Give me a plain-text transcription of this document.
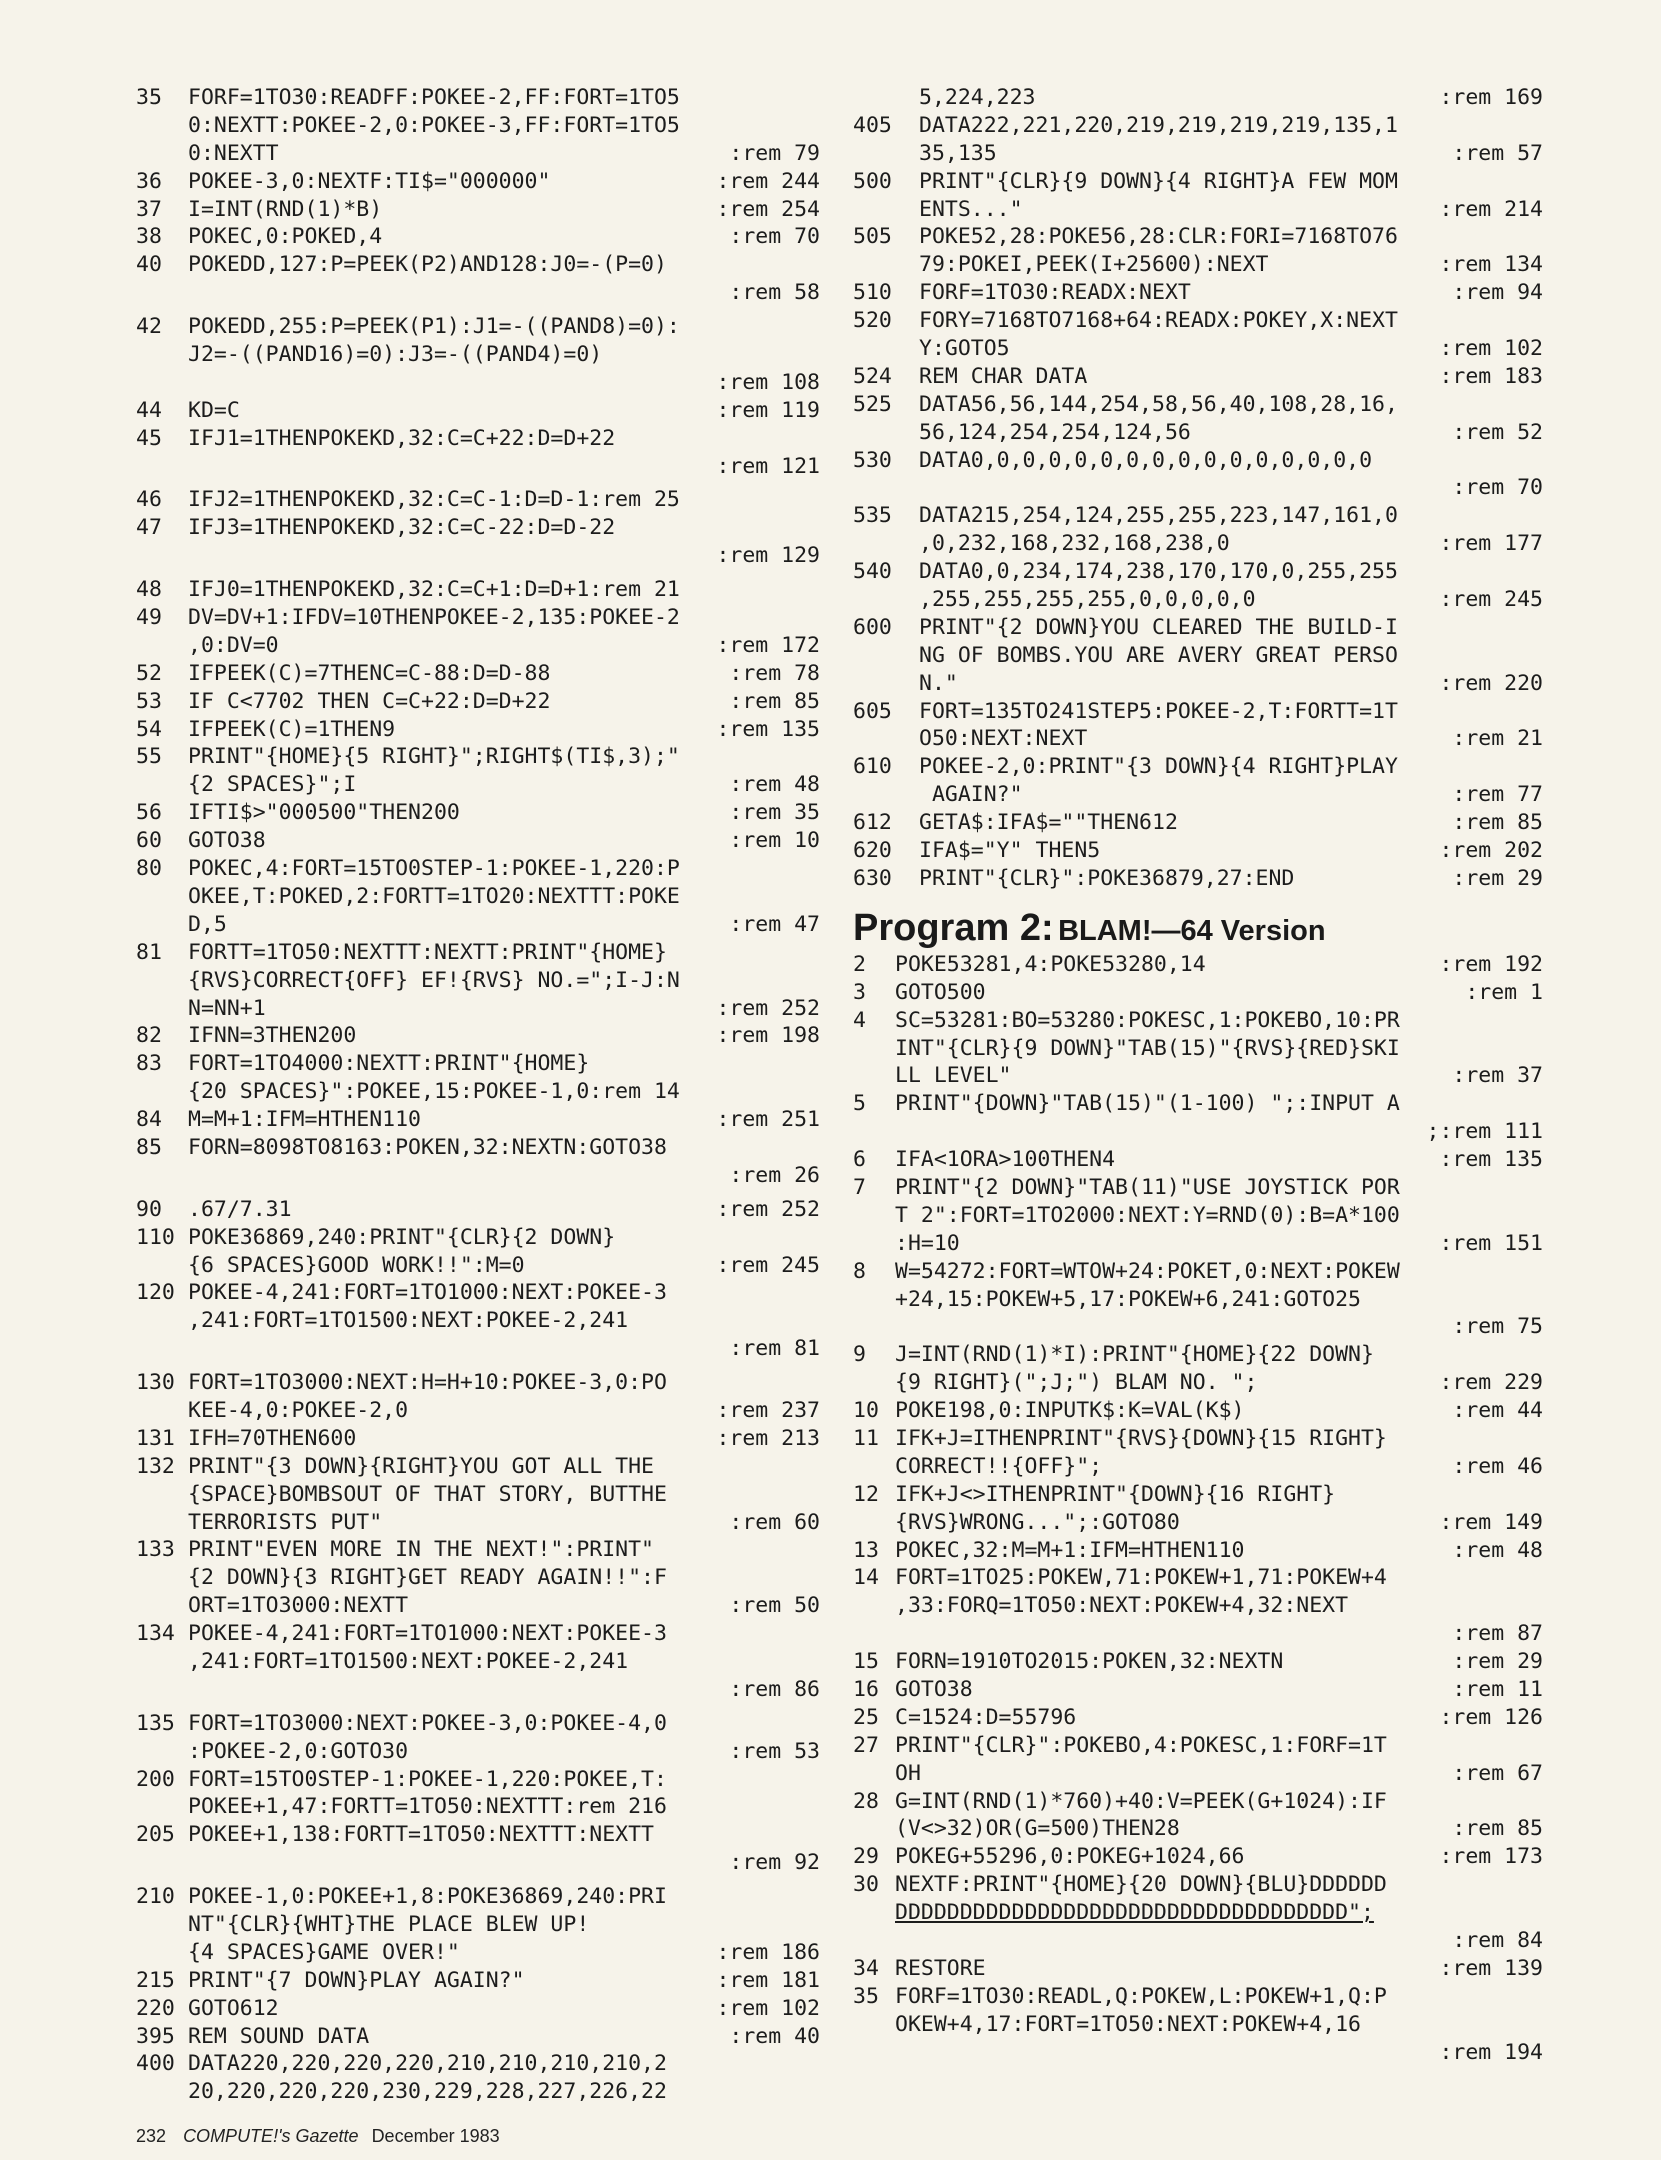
35 FORF=1TO30:READFF:POKEE-2,FF:FORT=1TO5
0:NEXTT:POKEE-2,0:POKEE-3,FF:FORT=1TO5
0:NEXTT	:rem 79
36 POKEE-3,0:NEXTF:TI$="000000"	:rem 244
37 I=INT(RND(1)*B)	:rem 254
38 POKEC,0:POKED,4	:rem 70
40 POKEDD,127:P=PEEK(P2)AND128:J0=-(P=0)
:rem 58
42 POKEDD,255:P=PEEK(P1):J1=-((PAND8)=0):
J2=-((PAND16)=0):J3=-((PAND4)=0)
:rem 108
44 KD=C	:rem 119
45 IFJ1=1THENPOKEKD,32:C=C+22:D=D+22
:rem 121
46 IFJ2=1THENPOKEKD,32:C=C-1:D=D-1:rem 25
47 IFJ3=1THENPOKEKD,32:C=C-22:D=D-22
:rem 129
48 IFJ0=1THENPOKEKD,32:C=C+1:D=D+1:rem 21
49 DV=DV+1:IFDV=10THENPOKEE-2,135:POKEE-2
,0:DV=0	:rem 172
52 IFPEEK(C)=7THENC=C-88:D=D-88	:rem 78
53 IF C<7702 THEN C=C+22:D=D+22	:rem 85
54 IFPEEK(C)=1THEN9	:rem 135
55 PRINT"{HOME}{5 RIGHT}";RIGHT$(TI$,3);"
{2 SPACES}";I	:rem 48
56 IFTI$>"000500"THEN200	:rem 35
60 GOTO38	:rem 10
80 POKEC,4:FORT=15TO0STEP-1:POKEE-1,220:P
OKEE,T:POKED,2:FORTT=1TO20:NEXTTT:POKE
D,5	:rem 47
81 FORTT=1TO50:NEXTTT:NEXTT:PRINT"{HOME}
{RVS}CORRECT{OFF} EF!{RVS} NO.=";I-J:N
N=NN+1	:rem 252
82 IFNN=3THEN200	:rem 198
83 FORT=1TO4000:NEXTT:PRINT"{HOME}
{20 SPACES}":POKEE,15:POKEE-1,0:rem 14
84 M=M+1:IFM=HTHEN110	:rem 251
85 FORN=8098TO8163:POKEN,32:NEXTN:GOTO38
:rem 26
90 .67/7.31	:rem 252
110 POKE36869,240:PRINT"{CLR}{2 DOWN}
{6 SPACES}GOOD WORK!!":M=0	:rem 245
120 POKEE-4,241:FORT=1TO1000:NEXT:POKEE-3
,241:FORT=1TO1500:NEXT:POKEE-2,241
:rem 81
130 FORT=1TO3000:NEXT:H=H+10:POKEE-3,0:PO
KEE-4,0:POKEE-2,0	:rem 237
131 IFH=70THEN600	:rem 213
132 PRINT"{3 DOWN}{RIGHT}YOU GOT ALL THE
{SPACE}BOMBSOUT OF THAT STORY, BUTTHE
TERRORISTS PUT"	:rem 60
133 PRINT"EVEN MORE IN THE NEXT!":PRINT"
{2 DOWN}{3 RIGHT}GET READY AGAIN!!":F
ORT=1TO3000:NEXTT	:rem 50
134 POKEE-4,241:FORT=1TO1000:NEXT:POKEE-3
,241:FORT=1TO1500:NEXT:POKEE-2,241
:rem 86
135 FORT=1TO3000:NEXT:POKEE-3,0:POKEE-4,0
:POKEE-2,0:GOTO30	:rem 53
200 FORT=15TO0STEP-1:POKEE-1,220:POKEE,T:
POKEE+1,47:FORTT=1TO50:NEXTTT:rem 216
205 POKEE+1,138:FORTT=1TO50:NEXTTT:NEXTT
:rem 92
210 POKEE-1,0:POKEE+1,8:POKE36869,240:PRI
NT"{CLR}{WHT}THE PLACE BLEW UP!
{4 SPACES}GAME OVER!"	:rem 186
215 PRINT"{7 DOWN}PLAY AGAIN?"	:rem 181
220 GOTO612	:rem 102
395 REM SOUND DATA	:rem 40
400 DATA220,220,220,220,210,210,210,210,2
20,220,220,220,230,229,228,227,226,22
5,224,223	:rem 169
405 DATA222,221,220,219,219,219,219,135,1
35,135	:rem 57
500 PRINT"{CLR}{9 DOWN}{4 RIGHT}A FEW MOM
ENTS..."	:rem 214
505 POKE52,28:POKE56,28:CLR:FORI=7168TO76
79:POKEI,PEEK(I+25600):NEXT	:rem 134
510 FORF=1TO30:READX:NEXT	:rem 94
520 FORY=7168TO7168+64:READX:POKEY,X:NEXT
Y:GOTO5	:rem 102
524 REM CHAR DATA	:rem 183
525 DATA56,56,144,254,58,56,40,108,28,16,
56,124,254,254,124,56	:rem 52
530 DATA0,0,0,0,0,0,0,0,0,0,0,0,0,0,0,0
:rem 70
535 DATA215,254,124,255,255,223,147,161,0
,0,232,168,232,168,238,0	:rem 177
540 DATA0,0,234,174,238,170,170,0,255,255
,255,255,255,255,0,0,0,0,0	:rem 245
600 PRINT"{2 DOWN}YOU CLEARED THE BUILD-I
NG OF BOMBS.YOU ARE AVERY GREAT PERSO
N."	:rem 220
605 FORT=135TO241STEP5:POKEE-2,T:FORTT=1T
O50:NEXT:NEXT	:rem 21
610 POKEE-2,0:PRINT"{3 DOWN}{4 RIGHT}PLAY
AGAIN?"	:rem 77
612 GETA$:IFA$=""THEN612	:rem 85
620 IFA$="Y" THEN5	:rem 202
630 PRINT"{CLR}":POKE36879,27:END	:rem 29
Program 2: BLAM!—64 Version
2 POKE53281,4:POKE53280,14	:rem 192
3 GOTO500	:rem 1
4 SC=53281:BO=53280:POKESC,1:POKEBO,10:PR
INT"{CLR}{9 DOWN}"TAB(15)"{RVS}{RED}SKI
LL LEVEL"	:rem 37
5 PRINT"{DOWN}"TAB(15)"(1-100) ";:INPUT A
;:rem 111
6 IFA<1ORA>100THEN4	:rem 135
7 PRINT"{2 DOWN}"TAB(11)"USE JOYSTICK POR
T 2":FORT=1TO2000:NEXT:Y=RND(0):B=A*100
:H=10	:rem 151
8 W=54272:FORT=WTOW+24:POKET,0:NEXT:POKEW
+24,15:POKEW+5,17:POKEW+6,241:GOTO25
:rem 75
9 J=INT(RND(1)*I):PRINT"{HOME}{22 DOWN}
{9 RIGHT}(";J;") BLAM NO. ";	:rem 229
10 POKE198,0:INPUTK$:K=VAL(K$)	:rem 44
11 IFK+J=ITHENPRINT"{RVS}{DOWN}{15 RIGHT}
CORRECT!!{OFF}";	:rem 46
12 IFK+J<>ITHENPRINT"{DOWN}{16 RIGHT}
{RVS}WRONG...";:GOTO80	:rem 149
13 POKEC,32:M=M+1:IFM=HTHEN110	:rem 48
14 FORT=1TO25:POKEW,71:POKEW+1,71:POKEW+4
,33:FORQ=1TO50:NEXT:POKEW+4,32:NEXT
:rem 87
15 FORN=1910TO2015:POKEN,32:NEXTN	:rem 29
16 GOTO38	:rem 11
25 C=1524:D=55796	:rem 126
27 PRINT"{CLR}":POKEBO,4:POKESC,1:FORF=1T
OH	:rem 67
28 G=INT(RND(1)*760)+40:V=PEEK(G+1024):IF
(V<>32)OR(G=500)THEN28	:rem 85
29 POKEG+55296,0:POKEG+1024,66	:rem 173
30 NEXTF:PRINT"{HOME}{20 DOWN}{BLU}DDDDDD
DDDDDDDDDDDDDDDDDDDDDDDDDDDDDDDDDDD";
:rem 84
34 RESTORE	:rem 139
35 FORF=1TO30:READL,Q:POKEW,L:POKEW+1,Q:P
OKEW+4,17:FORT=1TO50:NEXT:POKEW+4,16
:rem 194
232 COMPUTE!'s Gazette December 1983
